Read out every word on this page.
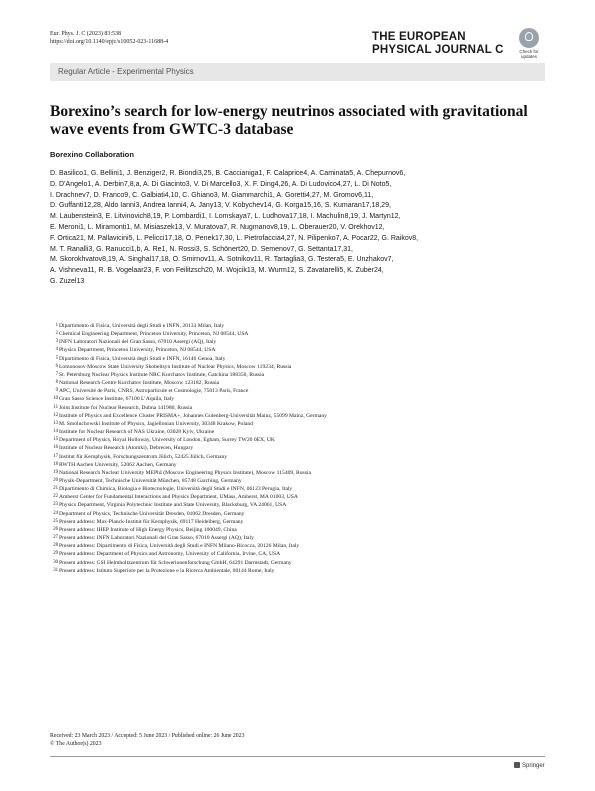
Eur. Phys. J. C (2023) 83:538
https://doi.org/10.1140/epjc/s10052-023-11688-4	THE EUROPEAN
PHYSICAL JOURNAL C	Check for updates
Regular Article - Experimental Physics
Borexino’s search for low-energy neutrinos associated with gravitational wave events from GWTC-3 database
Borexino Collaboration
D. Basilico1, G. Bellini1, J. Benziger2, R. Biondi3,25, B. Caccianiga1, F. Calaprice4, A. Caminata5, A. Chepurnov6,
D. D’Angelo1, A. Derbin7,8,a, A. Di Giacinto3, V. Di Marcello3, X. F. Ding4,26, A. Di Ludovico4,27, L. Di Noto5,
I. Drachnev7, D. Franco9, C. Galbiati4,10, C. Ghiano3, M. Giammarchi1, A. Goretti4,27, M. Gromov6,11,
D. Guffanti12,28, Aldo Ianni3, Andrea Ianni4, A. Jany13, V. Kobychev14, G. Korga15,16, S. Kumaran17,18,29,
M. Laubenstein3, E. Litvinovich8,19, P. Lombardi1, I. Lomskaya7, L. Ludhova17,18, I. Machulin8,19, J. Martyn12,
E. Meroni1, L. Miramonti1, M. Misiaszek13, V. Muratova7, R. Nugmanov8,19, L. Oberauer20, V. Orekhov12,
F. Ortica21, M. Pallavicini5, L. Pelicci17,18, Ö. Penek17,30, L. Pietrofaccia4,27, N. Pilipenko7, A. Pocar22, G. Raikov8,
M. T. Ranalli3, G. Ranucci1,b, A. Re1, N. Rossi3, S. Schönert20, D. Semenov7, G. Settanta17,31,
M. Skorokhvatov8,19, A. Singhal17,18, O. Smirnov11, A. Sotnikov11, R. Tartaglia3, G. Testera5, E. Unzhakov7,
A. Vishneva11, R. B. Vogelaar23, F. von Feilitzsch20, M. Wojcik13, M. Wurm12, S. Zavatarelli5, K. Zuber24,
G. Zuzel13
1 Dipartimento di Fisica, Università degli Studi e INFN, 20133 Milan, Italy
2 Chemical Engineering Department, Princeton University, Princeton, NJ 08544, USA
3 INFN Laboratori Nazionali del Gran Sasso, 67010 Assergi (AQ), Italy
4 Physics Department, Princeton University, Princeton, NJ 08544, USA
5 Dipartimento di Fisica, Università degli Studi e INFN, 16146 Genoa, Italy
6 Lomonosov Moscow State University Skobeltsyn Institute of Nuclear Physics, Moscow 119234, Russia
7 St. Petersburg Nuclear Physics Institute NRC Kurchatov Institute, Gatchina 188350, Russia
8 National Research Centre Kurchatov Institute, Moscow 123182, Russia
9 APC, Université de Paris, CNRS, Astroparticule et Cosmologie, 75013 Paris, France
10 Gran Sasso Science Institute, 67100 L’Aquila, Italy
11 Joint Institute for Nuclear Research, Dubna 141980, Russia
12 Institute of Physics and Excellence Cluster PRISMA+, Johannes Gutenberg-Universität Mainz, 55099 Mainz, Germany
13 M. Smoluchowski Institute of Physics, Jagiellonian University, 30348 Krakow, Poland
14 Institute for Nuclear Research of NAS Ukraine, 03028 Kyiv, Ukraine
15 Department of Physics, Royal Holloway, University of London, Egham, Surrey TW20 0EX, UK
16 Institute of Nuclear Research (Atomki), Debrecen, Hungary
17 Institut für Kernphysik, Forschungszentrum Jülich, 52425 Jülich, Germany
18 RWTH Aachen University, 52062 Aachen, Germany
19 National Research Nuclear University MEPhI (Moscow Engineering Physics Institute), Moscow 115409, Russia
20 Physik-Department, Technische Universität München, 85748 Garching, Germany
21 Dipartimento di Chimica, Biologia e Biotecnologie, Università degli Studi e INFN, 06123 Perugia, Italy
22 Amherst Center for Fundamental Interactions and Physics Department, UMass, Amherst, MA 01003, USA
23 Physics Department, Virginia Polytechnic Institute and State University, Blacksburg, VA 24061, USA
24 Department of Physics, Technische Universität Dresden, 01062 Dresden, Germany
25 Present address: Max-Planck-Institut für Kernphysik, 69117 Heidelberg, Germany
26 Present address: IHEP Institute of High Energy Physics, Beijing 100049, China
27 Present address: INFN Laboratori Nazionali del Gran Sasso, 67010 Assergi (AQ), Italy
28 Present address: Dipartimento di Fisica, Università degli Studi e INFN Milano-Bicocca, 20126 Milan, Italy
29 Present address: Department of Physics and Astronomy, University of California, Irvine, CA, USA
30 Present address: GSI Helmholtzzentrum für Schwerionenforschung GmbH, 64291 Darmstadt, Germany
31 Present address: Istituto Superiore per la Protezione e la Ricerca Ambientale, 00144 Rome, Italy
Received: 23 March 2023 / Accepted: 5 June 2023 / Published online: 26 June 2023
© The Author(s) 2023
Springer
